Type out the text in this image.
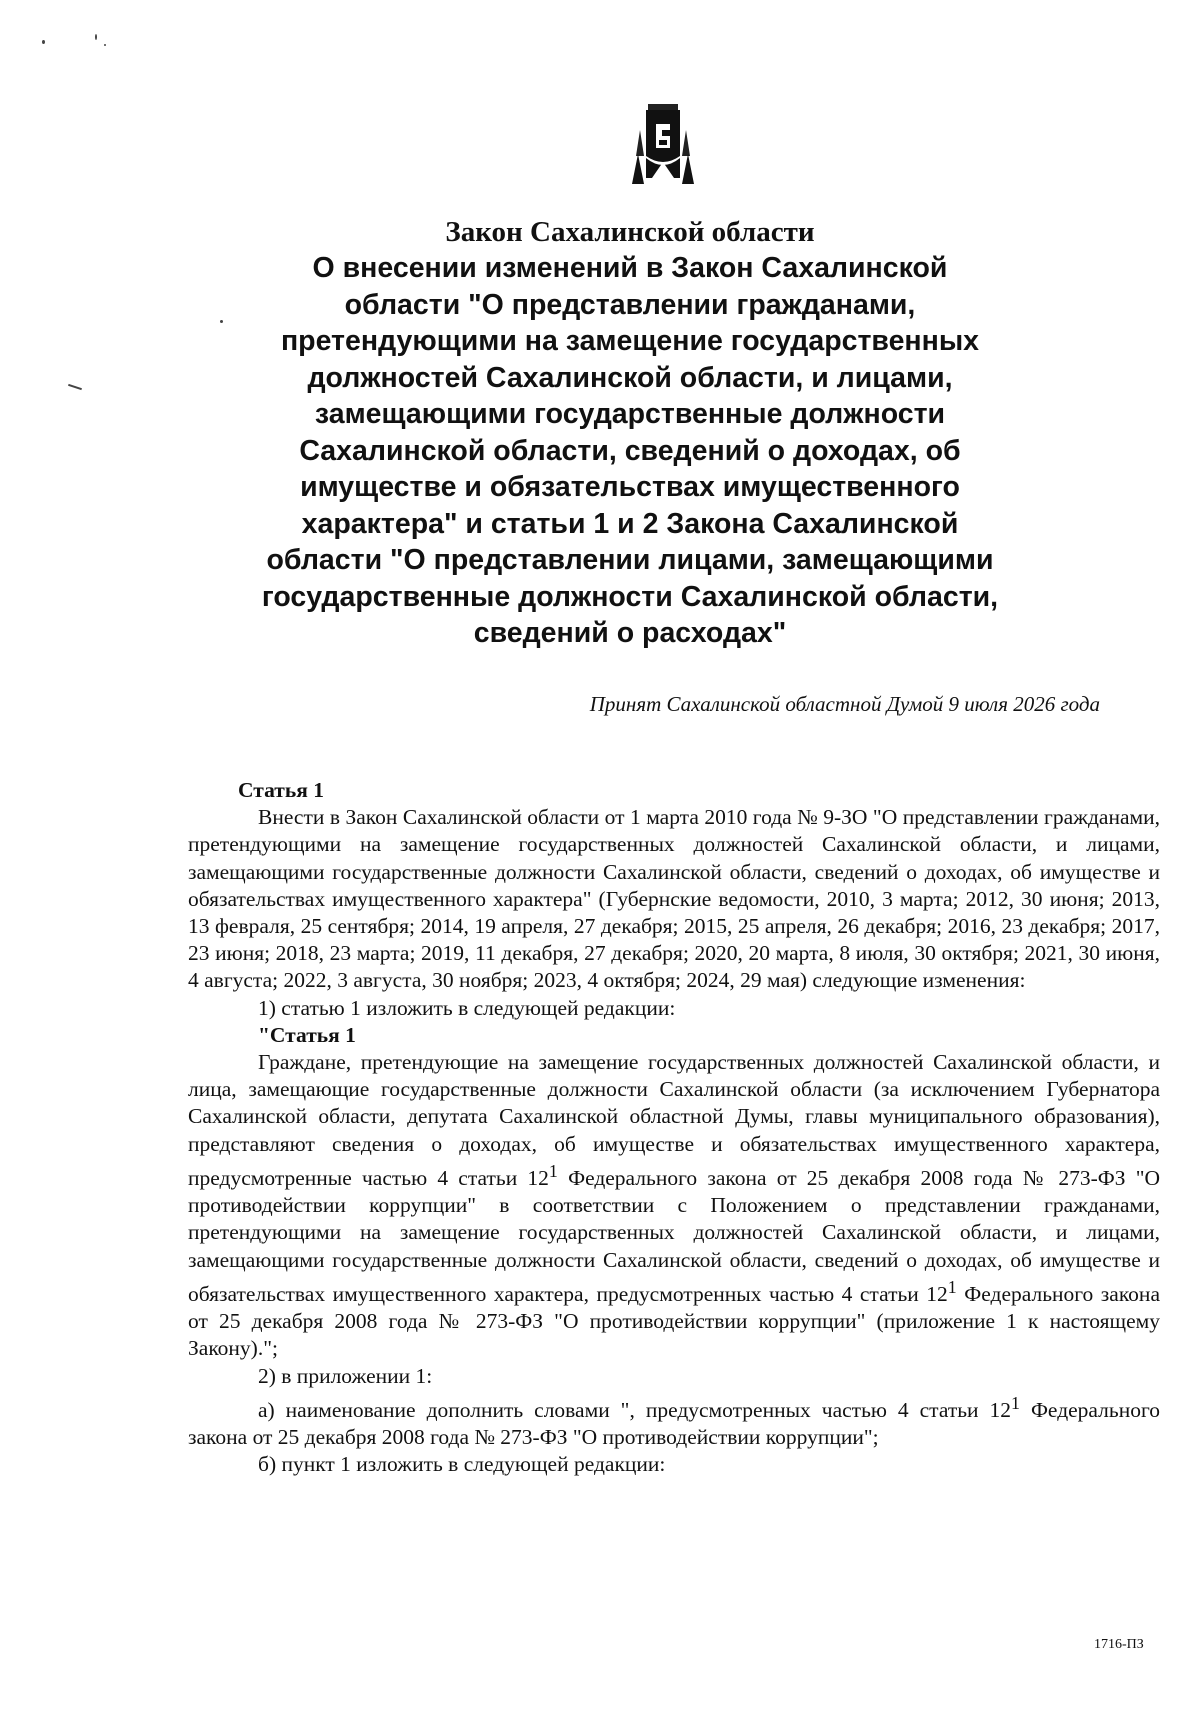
Закон Сахалинской области
О внесении изменений в Закон Сахалинской
области "О представлении гражданами,
претендующими на замещение государственных
должностей Сахалинской области, и лицами,
замещающими государственные должности
Сахалинской области, сведений о доходах, об
имуществе и обязательствах имущественного
характера" и статьи 1 и 2 Закона Сахалинской
области "О представлении лицами, замещающими
государственные должности Сахалинской области,
сведений о расходах"
Принят Сахалинской областной Думой 9 июля 2026 года

Статья 1

Внести в Закон Сахалинской области от 1 марта 2010 года № 9-ЗО "О представлении гражданами, претендующими на замещение государственных должностей Сахалинской области, и лицами, замещающими государственные должности Сахалинской области, сведений о доходах, об имуществе и обязательствах имущественного характера" (Губернские ведомости, 2010, 3 марта; 2012, 30 июня; 2013, 13 февраля, 25 сентября; 2014, 19 апреля, 27 декабря; 2015, 25 апреля, 26 декабря; 2016, 23 декабря; 2017, 23 июня; 2018, 23 марта; 2019, 11 декабря, 27 декабря; 2020, 20 марта, 8 июля, 30 октября; 2021, 30 июня, 4 августа; 2022, 3 августа, 30 ноября; 2023, 4 октября; 2024, 29 мая) следующие изменения:

1) статью 1 изложить в следующей редакции:

"Статья 1

Граждане, претендующие на замещение государственных должностей Сахалинской области, и лица, замещающие государственные должности Сахалинской области (за исключением Губернатора Сахалинской области, депутата Сахалинской областной Думы, главы муниципального образования), представляют сведения о доходах, об имуществе и обязательствах имущественного характера, предусмотренные частью 4 статьи $12^1$ Федерального закона от 25 декабря 2008 года № 273-ФЗ "О противодействии коррупции" в соответствии с Положением о представлении гражданами, претендующими на замещение государственных должностей Сахалинской области, и лицами, замещающими государственные должности Сахалинской области, сведений о доходах, об имуществе и обязательствах имущественного характера, предусмотренных частью 4 статьи $12^1$ Федерального закона от 25 декабря 2008 года № 273-ФЗ "О противодействии коррупции" (приложение 1 к настоящему Закону).";

2) в приложении 1:

а) наименование дополнить словами ", предусмотренных частью 4 статьи $12^1$ Федерального закона от 25 декабря 2008 года № 273-ФЗ "О противодействии коррупции";

б) пункт 1 изложить в следующей редакции:

1716-ПЗ
